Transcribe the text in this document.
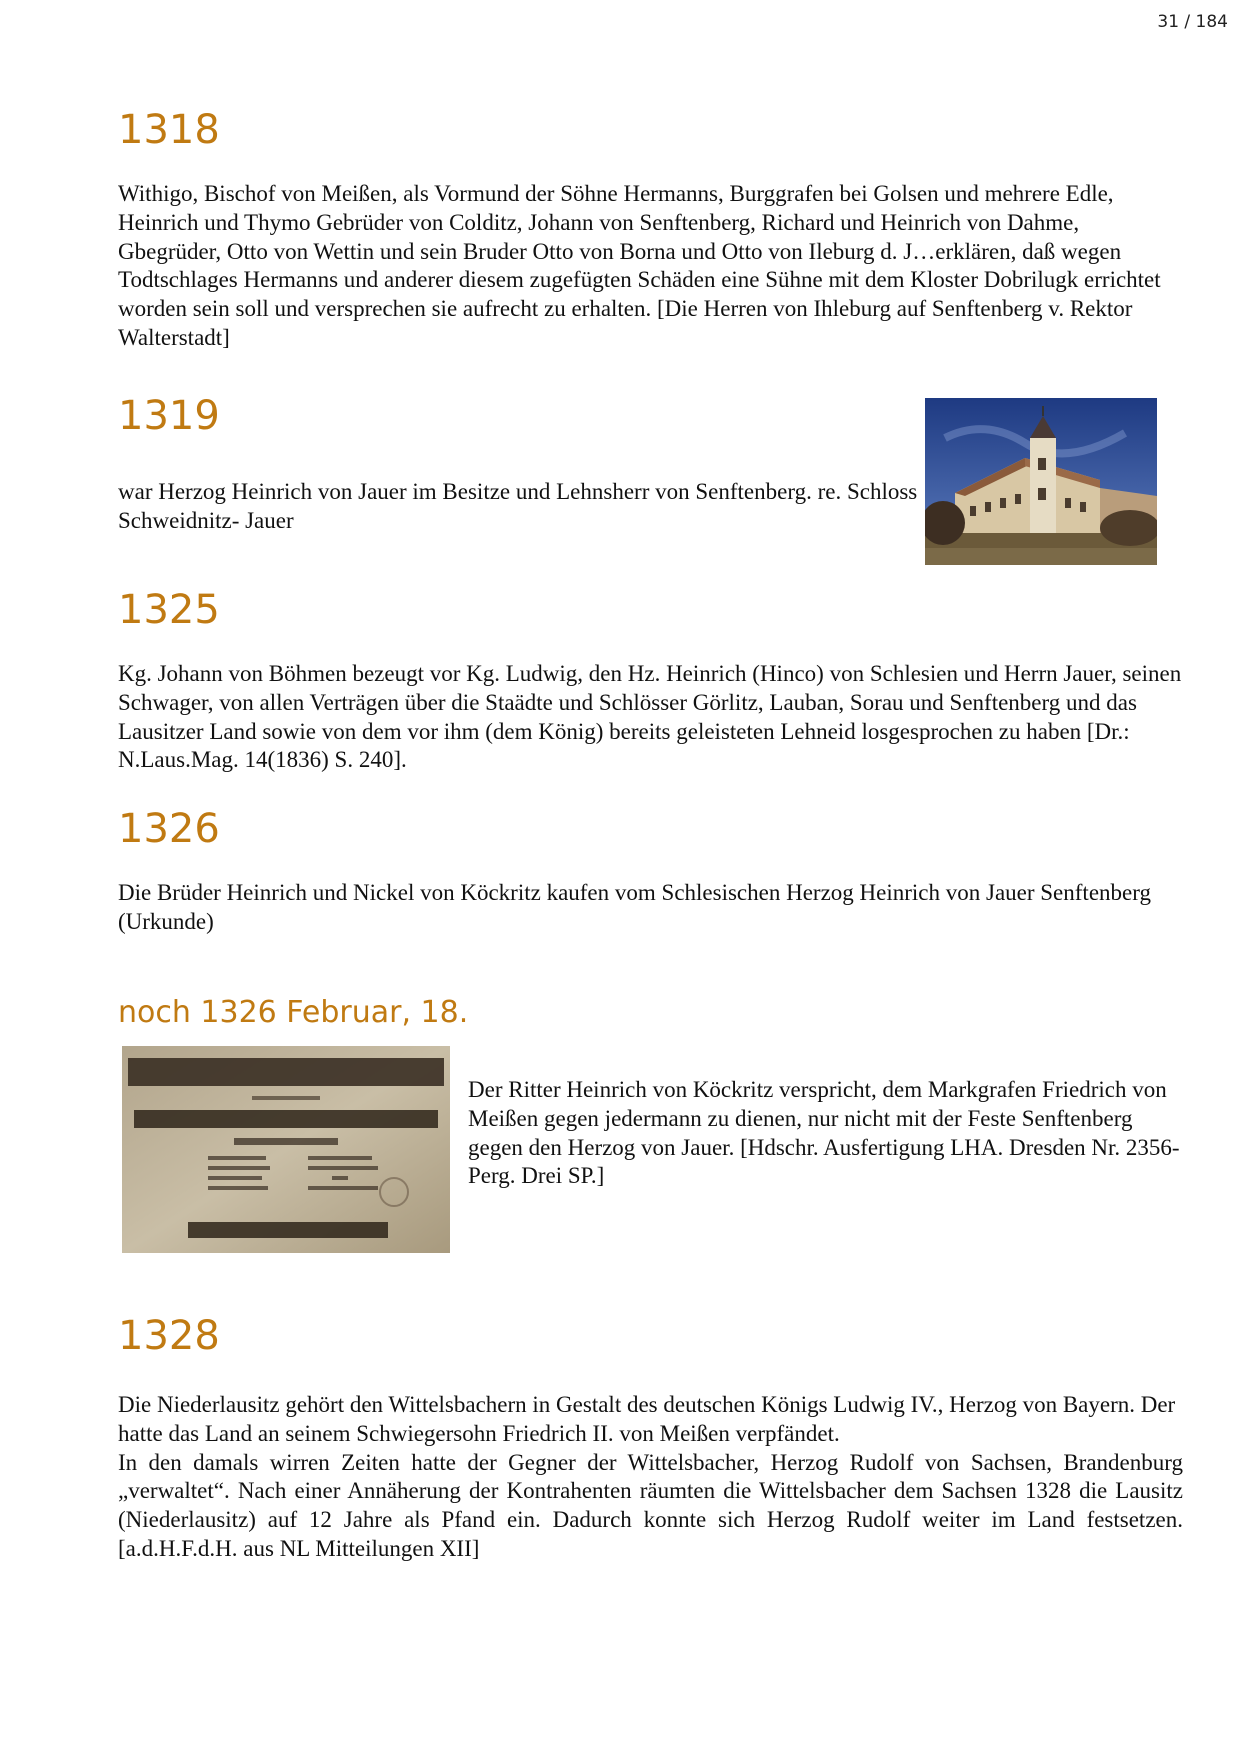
31 / 184
1318

Withigo, Bischof von Meißen, als Vormund der Söhne Hermanns, Burggrafen bei Golsen und mehrere Edle, Heinrich und Thymo Gebrüder von Colditz, Johann von Senftenberg, Richard und Heinrich von Dahme, Gbegrüder, Otto von Wettin und sein Bruder Otto von Borna und Otto von Ileburg d. J…erklären, daß wegen Todtschlages Hermanns und anderer diesem zugefügten Schäden eine Sühne mit dem Kloster Dobrilugk errichtet worden sein soll und versprechen sie aufrecht zu erhalten. [Die Herren von Ihleburg auf Senftenberg v. Rektor Walterstadt]

1319

war Herzog Heinrich von Jauer im Besitze und Lehnsherr von Senftenberg. re. Schloss Schweidnitz- Jauer

1325

Kg. Johann von Böhmen bezeugt vor Kg. Ludwig, den Hz. Heinrich (Hinco) von Schlesien und Herrn Jauer, seinen Schwager, von allen Verträgen über die Staädte und Schlösser Görlitz, Lauban, Sorau und Senftenberg und das Lausitzer Land sowie von dem vor ihm (dem König) bereits geleisteten Lehneid losgesprochen zu haben [Dr.: N.Laus.Mag. 14(1836) S. 240].

1326

Die Brüder Heinrich und Nickel von Köckritz kaufen vom Schlesischen Herzog Heinrich von Jauer Senftenberg (Urkunde)

noch 1326 Februar, 18.

Der Ritter Heinrich von Köckritz verspricht, dem Markgrafen Friedrich von Meißen gegen jedermann zu dienen, nur nicht mit der Feste Senftenberg gegen den Herzog von Jauer. [Hdschr. Ausfertigung LHA. Dresden Nr. 2356- Perg. Drei SP.]

1328
Die Niederlausitz gehört den Wittelsbachern in Gestalt des deutschen Königs Ludwig IV., Herzog von Bayern. Der hatte das Land an seinem Schwiegersohn Friedrich II. von Meißen verpfändet.
In den damals wirren Zeiten hatte der Gegner der Wittelsbacher, Herzog Rudolf von Sachsen, Brandenburg „verwaltet“. Nach einer Annäherung der Kontrahenten räumten die Wittelsbacher dem Sachsen 1328 die Lausitz (Niederlausitz) auf 12 Jahre als Pfand ein. Dadurch konnte sich Herzog Rudolf weiter im Land festsetzen. [a.d.H.F.d.H. aus NL Mitteilungen XII]
